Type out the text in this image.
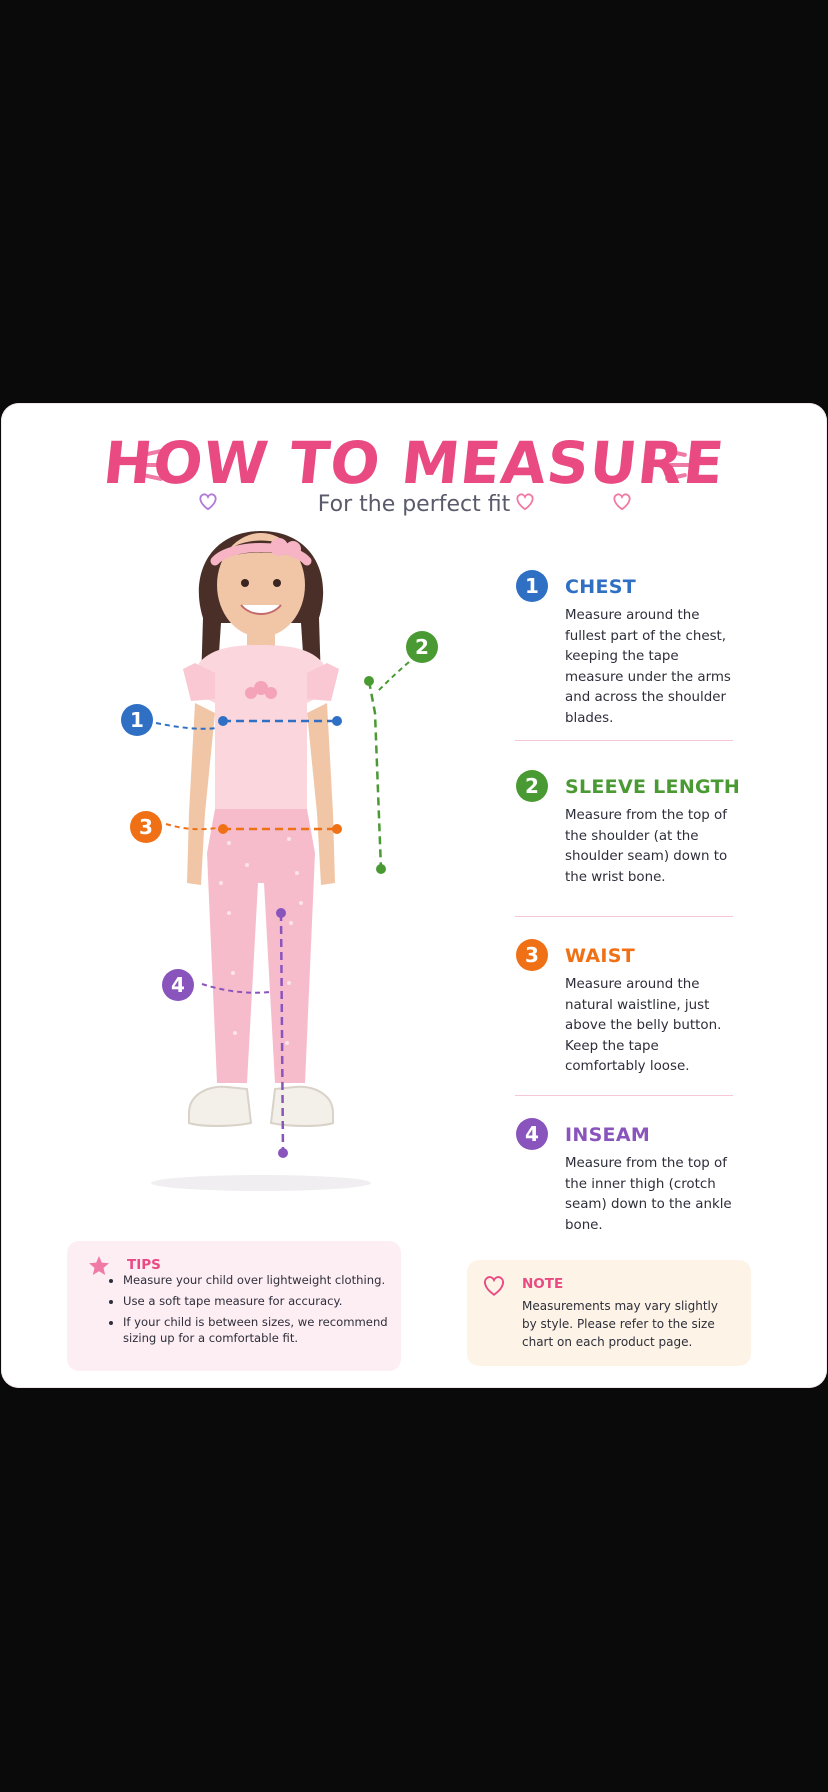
HOW TO MEASURE
For the perfect fit
1
2
3
4
1	CHEST
Measure around the fullest part of the chest, keeping the tape measure under the arms and across the shoulder blades.
2	SLEEVE LENGTH
Measure from the top of the shoulder (at the shoulder seam) down to the wrist bone.
3	WAIST
Measure around the natural waistline, just above the belly button. Keep the tape comfortably loose.
4	INSEAM
Measure from the top of the inner thigh (crotch seam) down to the ankle bone.
TIPS
• Measure your child over lightweight clothing.
• Use a soft tape measure for accuracy.
• If your child is between sizes, we recommend sizing up for a comfortable fit.
NOTE
Measurements may vary slightly by style. Please refer to the size chart on each product page.
